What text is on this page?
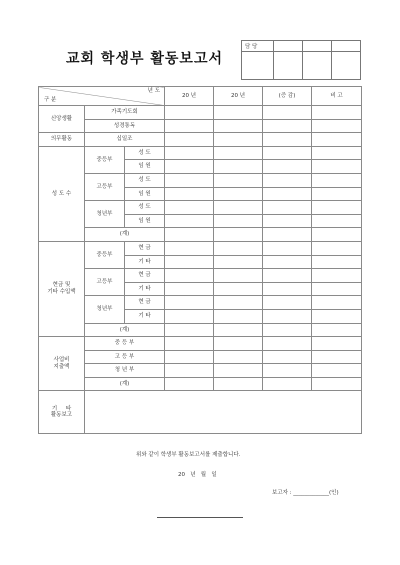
교회 학생부 활동보고서
담 당			

년 도
구 분			20 년	20 년	(증 감)	비 고
신앙생활	가족기도회					
	성경통독					
의무활동	십일조					
성 도 수	중등부	성 도				
		임 원				
	고등부	성 도				
		임 원				
	청년부	성 도				
		임 원				
	(계)					
현금 및
기타 수입액	중등부	현 금				
		기 타				
	고등부	현 금				
		기 타				
	청년부	현 금				
		기 타				
	(계)					
사업비
지출액	중 등 부					
	고 등 부					
	청 년 부					
	(계)					
기     타
활동보고						
위와 같이 학생부 활동보고서를 제출합니다.
20   년   월   일
보고자 : _____________(인)
